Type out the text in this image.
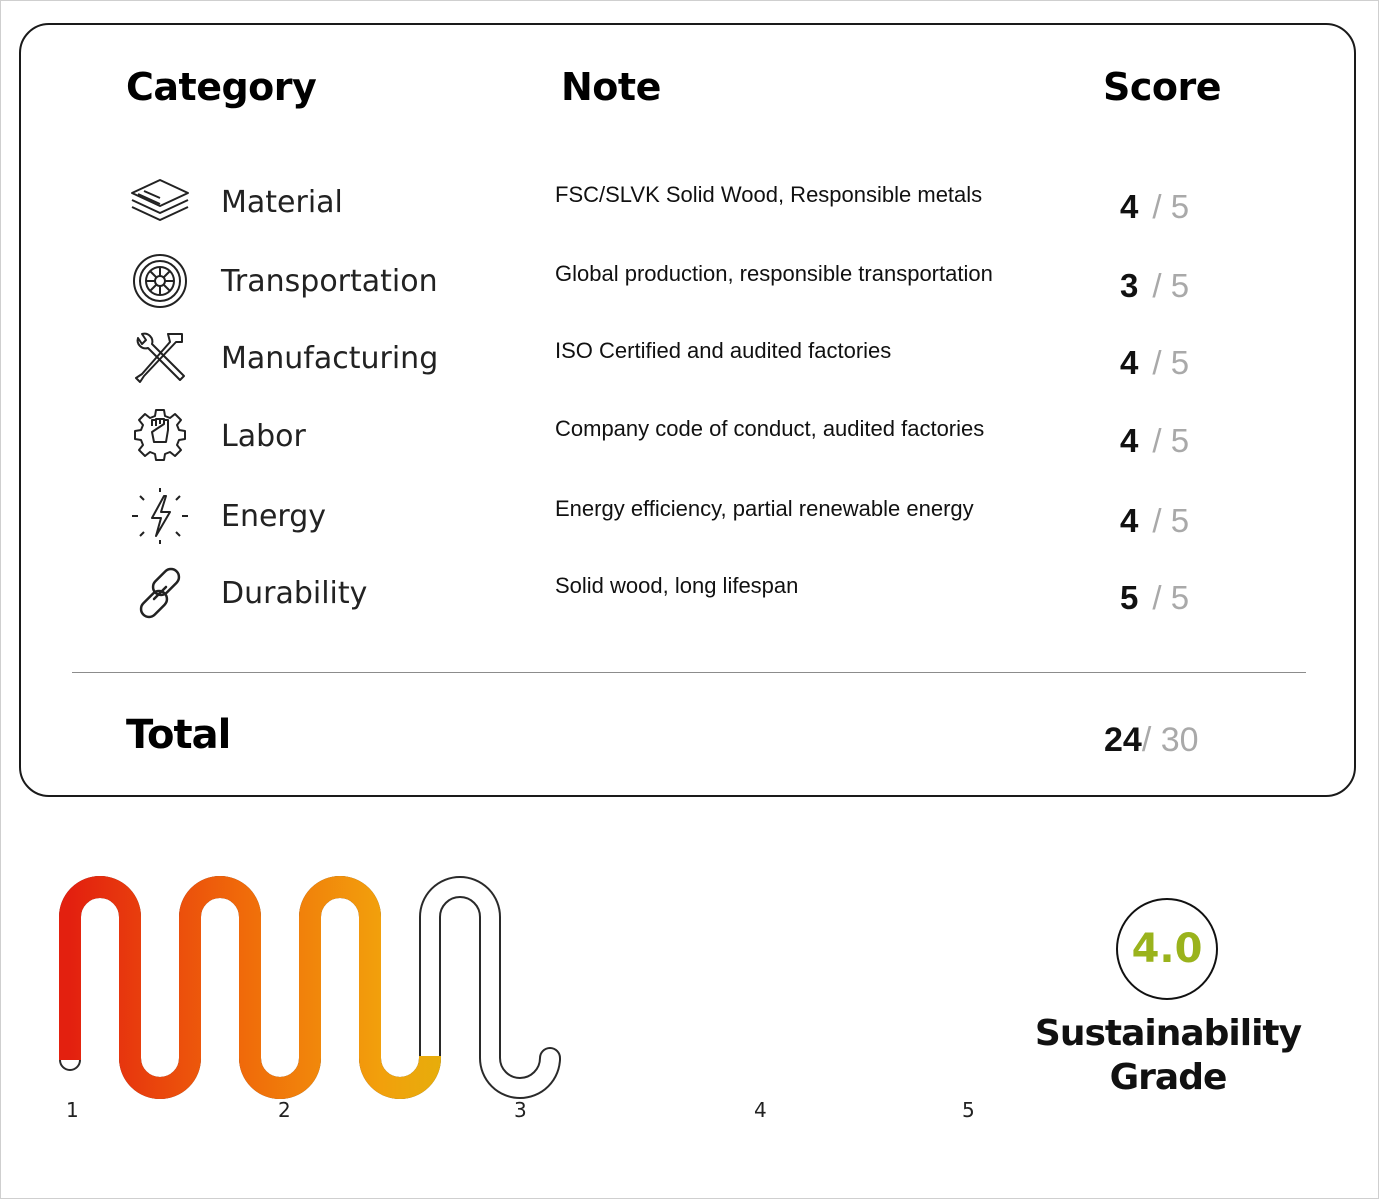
Category	Note	Score
Material	FSC/SLVK Solid Wood, Responsible metals	4 / 5
Transportation	Global production, responsible transportation	3 / 5
Manufacturing	ISO Certified and audited factories	4 / 5
Labor	Company code of conduct, audited factories	4 / 5
Energy	Energy efficiency, partial renewable energy	4 / 5
Durability	Solid wood, long lifespan	5 / 5
Total	24/ 30
1	2	3	4	5
4.0
Sustainability
Grade
